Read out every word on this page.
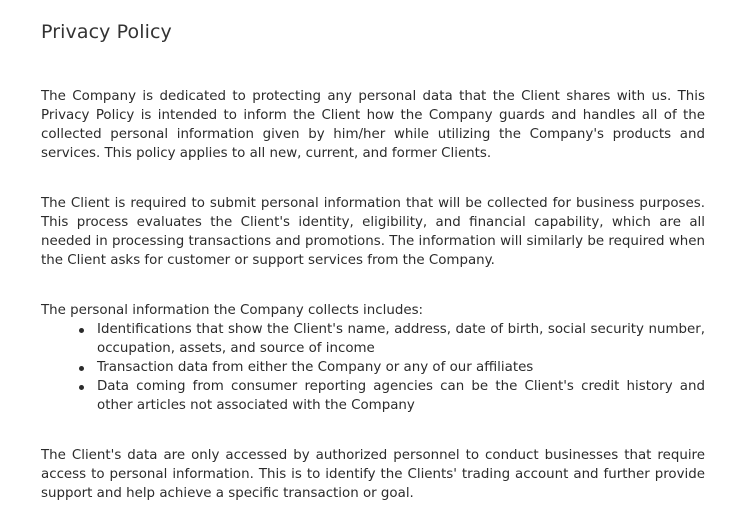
Privacy Policy

The Company is dedicated to protecting any personal data that the Client shares with us. This Privacy Policy is intended to inform the Client how the Company guards and handles all of the collected personal information given by him/her while utilizing the Company's products and services. This policy applies to all new, current, and former Clients.

The Client is required to submit personal information that will be collected for business purposes. This process evaluates the Client's identity, eligibility, and financial capability, which are all needed in processing transactions and promotions. The information will similarly be required when the Client asks for customer or support services from the Company.

The personal information the Company collects includes:

Identifications that show the Client's name, address, date of birth, social security number, occupation, assets, and source of income
Transaction data from either the Company or any of our affiliates
Data coming from consumer reporting agencies can be the Client's credit history and other articles not associated with the Company

The Client's data are only accessed by authorized personnel to conduct businesses that require access to personal information. This is to identify the Clients' trading account and further provide support and help achieve a specific transaction or goal.
